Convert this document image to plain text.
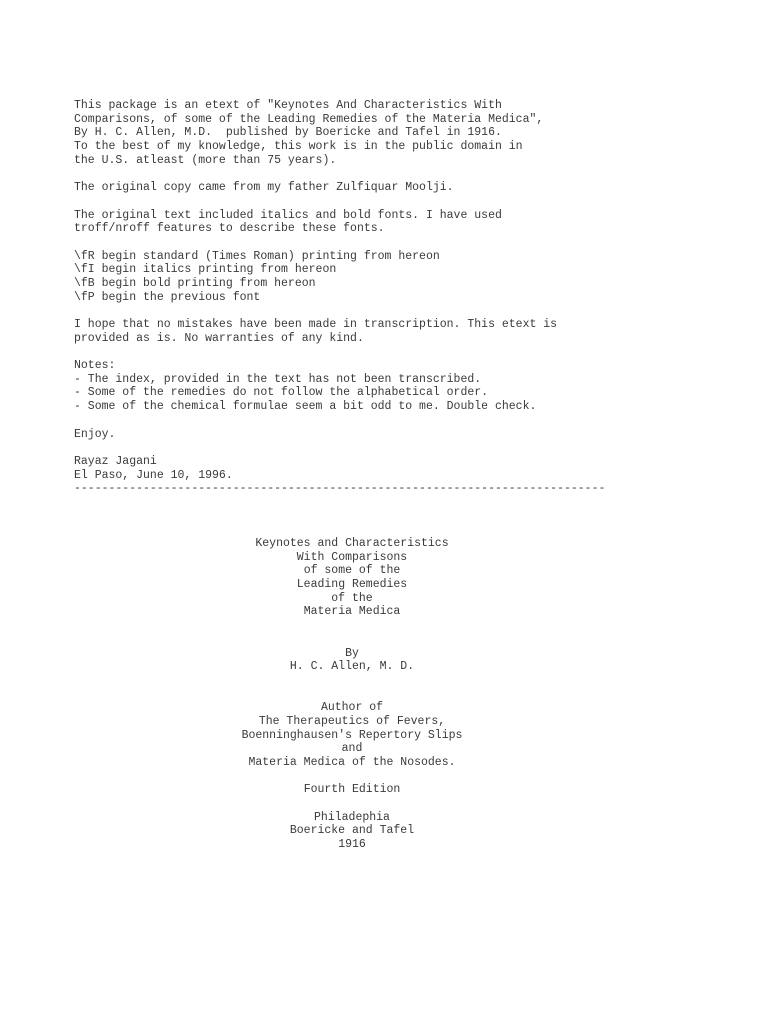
This package is an etext of "Keynotes And Characteristics With
Comparisons, of some of the Leading Remedies of the Materia Medica",
By H. C. Allen, M.D.  published by Boericke and Tafel in 1916.
To the best of my knowledge, this work is in the public domain in
the U.S. atleast (more than 75 years).
The original copy came from my father Zulfiquar Moolji.
The original text included italics and bold fonts. I have used
troff/nroff features to describe these fonts.
\fR begin standard (Times Roman) printing from hereon
\fI begin italics printing from hereon
\fB begin bold printing from hereon
\fP begin the previous font
I hope that no mistakes have been made in transcription. This etext is
provided as is. No warranties of any kind.
Notes:
- The index, provided in the text has not been transcribed.
- Some of the remedies do not follow the alphabetical order.
- Some of the chemical formulae seem a bit odd to me. Double check.
Enjoy.
Rayaz Jagani
El Paso, June 10, 1996.
-----------------------------------------------------------------------------
Keynotes and Characteristics
With Comparisons
of some of the
Leading Remedies
of the
Materia Medica
By
H. C. Allen, M. D.
Author of
The Therapeutics of Fevers,
Boenninghausen's Repertory Slips
and
Materia Medica of the Nosodes.
Fourth Edition
Philadephia
Boericke and Tafel
1916
